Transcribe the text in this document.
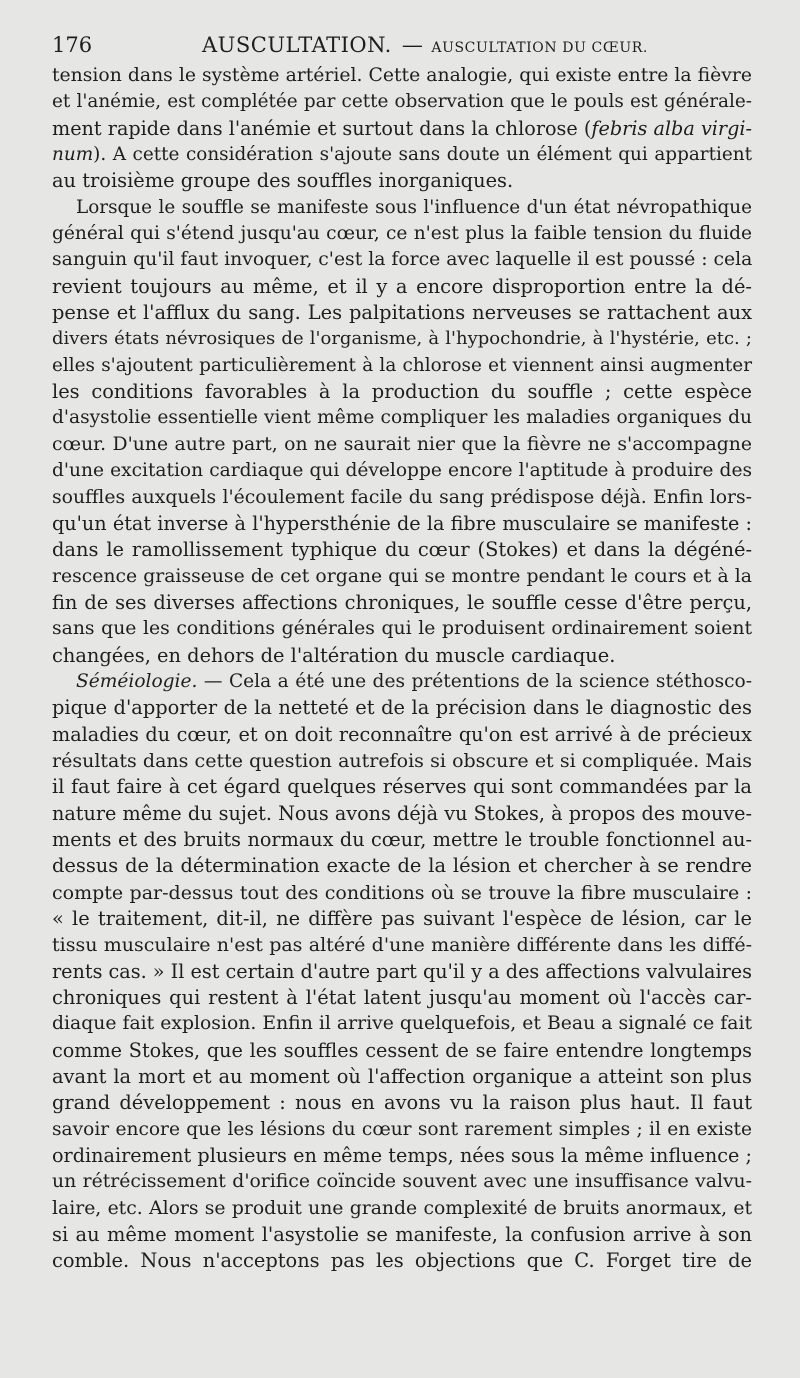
176	AUSCULTATION. — AUSCULTATION DU CŒUR.
tension dans le système artériel. Cette analogie, qui existe entre la fièvre
et l'anémie, est complétée par cette observation que le pouls est générale-
ment rapide dans l'anémie et surtout dans la chlorose (febris alba virgi-
num). A cette considération s'ajoute sans doute un élément qui appartient
au troisième groupe des souffles inorganiques.
Lorsque le souffle se manifeste sous l'influence d'un état névropathique
général qui s'étend jusqu'au cœur, ce n'est plus la faible tension du fluide
sanguin qu'il faut invoquer, c'est la force avec laquelle il est poussé : cela
revient toujours au même, et il y a encore disproportion entre la dé-
pense et l'afflux du sang. Les palpitations nerveuses se rattachent aux
divers états névrosiques de l'organisme, à l'hypochondrie, à l'hystérie, etc. ;
elles s'ajoutent particulièrement à la chlorose et viennent ainsi augmenter
les conditions favorables à la production du souffle ; cette espèce
d'asystolie essentielle vient même compliquer les maladies organiques du
cœur. D'une autre part, on ne saurait nier que la fièvre ne s'accompagne
d'une excitation cardiaque qui développe encore l'aptitude à produire des
souffles auxquels l'écoulement facile du sang prédispose déjà. Enfin lors-
qu'un état inverse à l'hypersthénie de la fibre musculaire se manifeste :
dans le ramollissement typhique du cœur (Stokes) et dans la dégéné-
rescence graisseuse de cet organe qui se montre pendant le cours et à la
fin de ses diverses affections chroniques, le souffle cesse d'être perçu,
sans que les conditions générales qui le produisent ordinairement soient
changées, en dehors de l'altération du muscle cardiaque.
Séméiologie. — Cela a été une des prétentions de la science stéthosco-
pique d'apporter de la netteté et de la précision dans le diagnostic des
maladies du cœur, et on doit reconnaître qu'on est arrivé à de précieux
résultats dans cette question autrefois si obscure et si compliquée. Mais
il faut faire à cet égard quelques réserves qui sont commandées par la
nature même du sujet. Nous avons déjà vu Stokes, à propos des mouve-
ments et des bruits normaux du cœur, mettre le trouble fonctionnel au-
dessus de la détermination exacte de la lésion et chercher à se rendre
compte par-dessus tout des conditions où se trouve la fibre musculaire :
« le traitement, dit-il, ne diffère pas suivant l'espèce de lésion, car le
tissu musculaire n'est pas altéré d'une manière différente dans les diffé-
rents cas. » Il est certain d'autre part qu'il y a des affections valvulaires
chroniques qui restent à l'état latent jusqu'au moment où l'accès car-
diaque fait explosion. Enfin il arrive quelquefois, et Beau a signalé ce fait
comme Stokes, que les souffles cessent de se faire entendre longtemps
avant la mort et au moment où l'affection organique a atteint son plus
grand développement : nous en avons vu la raison plus haut. Il faut
savoir encore que les lésions du cœur sont rarement simples ; il en existe
ordinairement plusieurs en même temps, nées sous la même influence ;
un rétrécissement d'orifice coïncide souvent avec une insuffisance valvu-
laire, etc. Alors se produit une grande complexité de bruits anormaux, et
si au même moment l'asystolie se manifeste, la confusion arrive à son
comble. Nous n'acceptons pas les objections que C. Forget tire de
